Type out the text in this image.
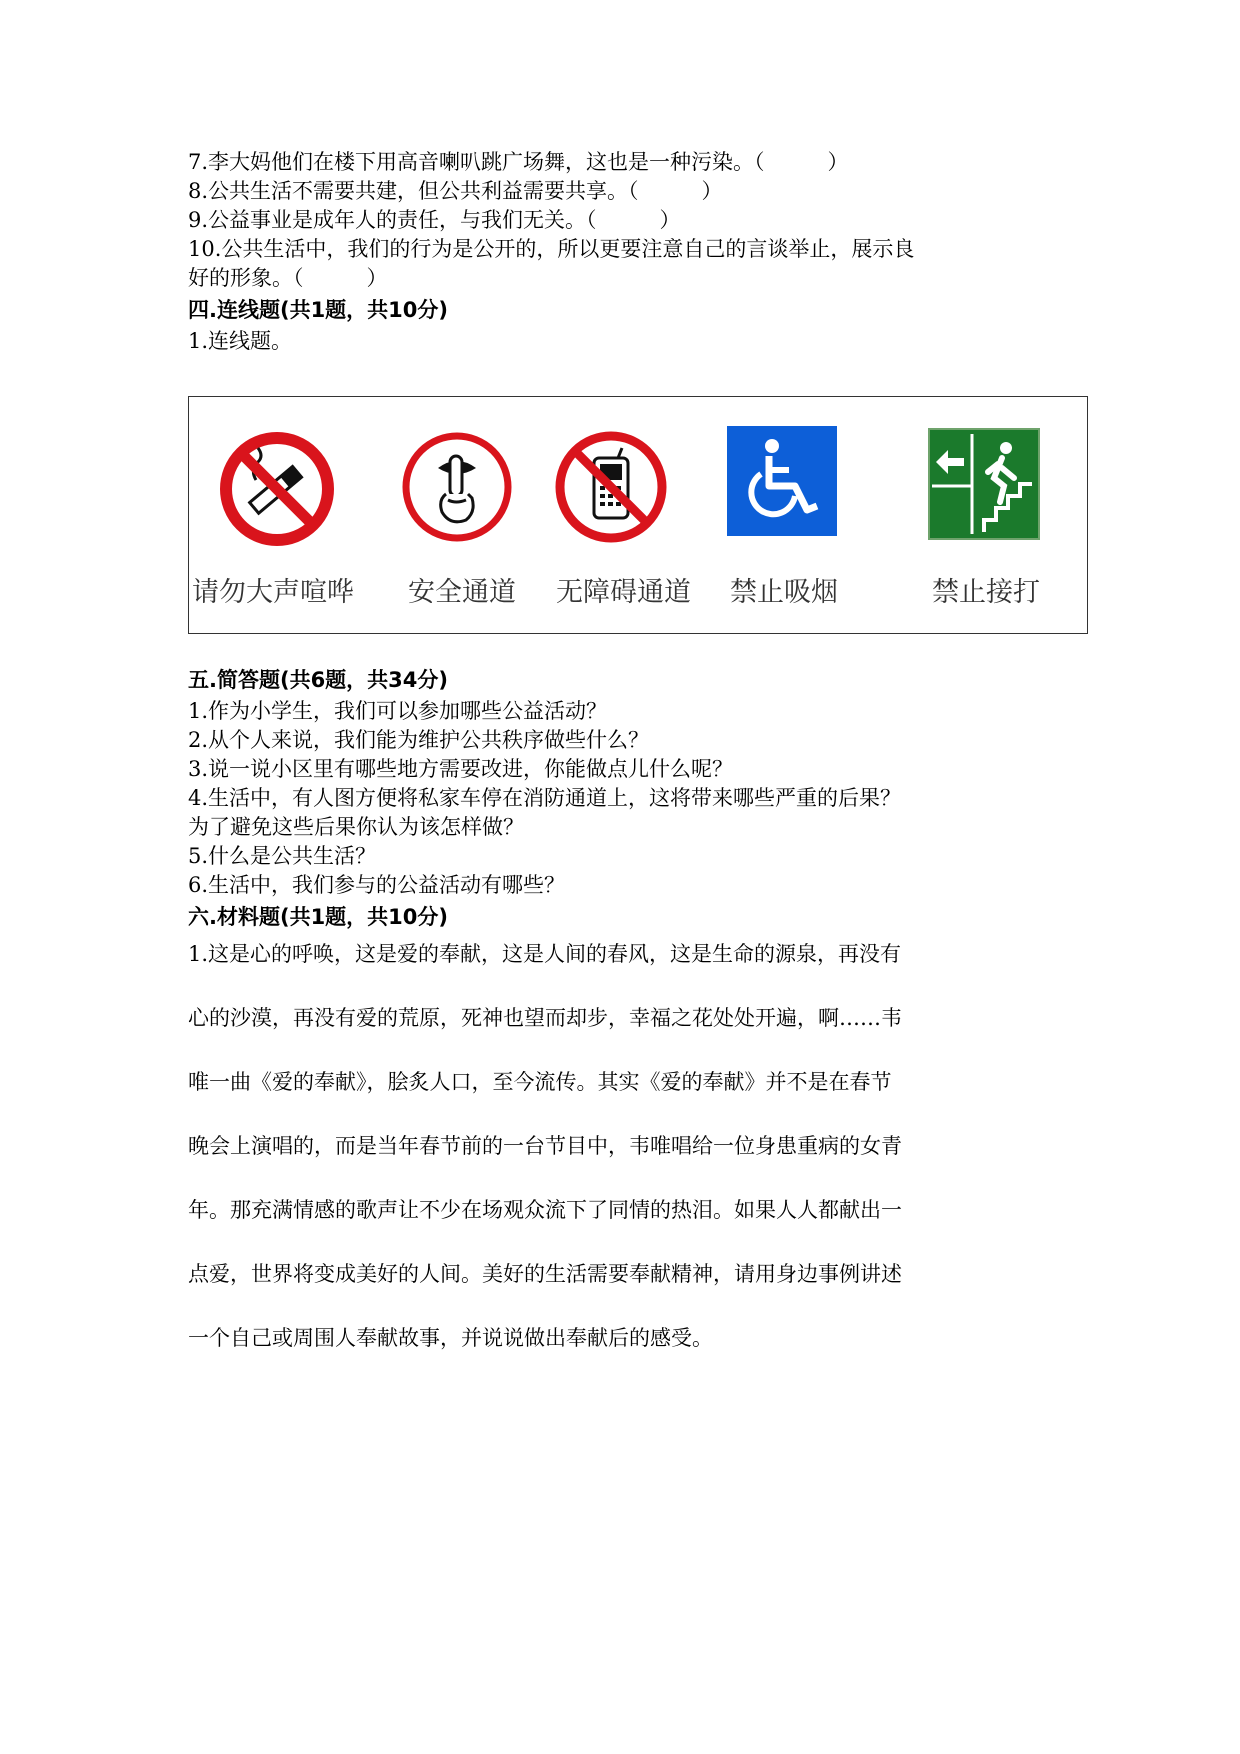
7.李大妈他们在楼下用高音喇叭跳广场舞，这也是一种污染。（　　　）
8.公共生活不需要共建，但公共利益需要共享。（　　　）
9.公益事业是成年人的责任，与我们无关。（　　　）
10.公共生活中，我们的行为是公开的，所以更要注意自己的言谈举止，展示良
好的形象。（　　　）
四.连线题(共1题，共10分)
1.连线题。
请勿大声喧哗 安全通道 无障碍通道 禁止吸烟	禁止接打
五.简答题(共6题，共34分)
1.作为小学生，我们可以参加哪些公益活动？
2.从个人来说，我们能为维护公共秩序做些什么？
3.说一说小区里有哪些地方需要改进，你能做点儿什么呢？
4.生活中，有人图方便将私家车停在消防通道上，这将带来哪些严重的后果？
为了避免这些后果你认为该怎样做？
5.什么是公共生活？
6.生活中，我们参与的公益活动有哪些？
六.材料题(共1题，共10分)
1.这是心的呼唤，这是爱的奉献，这是人间的春风，这是生命的源泉，再没有
心的沙漠，再没有爱的荒原，死神也望而却步，幸福之花处处开遍，啊……韦
唯一曲《爱的奉献》，脍炙人口，至今流传。其实《爱的奉献》并不是在春节
晚会上演唱的，而是当年春节前的一台节目中，韦唯唱给一位身患重病的女青
年。那充满情感的歌声让不少在场观众流下了同情的热泪。如果人人都献出一
点爱，世界将变成美好的人间。美好的生活需要奉献精神，请用身边事例讲述
一个自己或周围人奉献故事，并说说做出奉献后的感受。
